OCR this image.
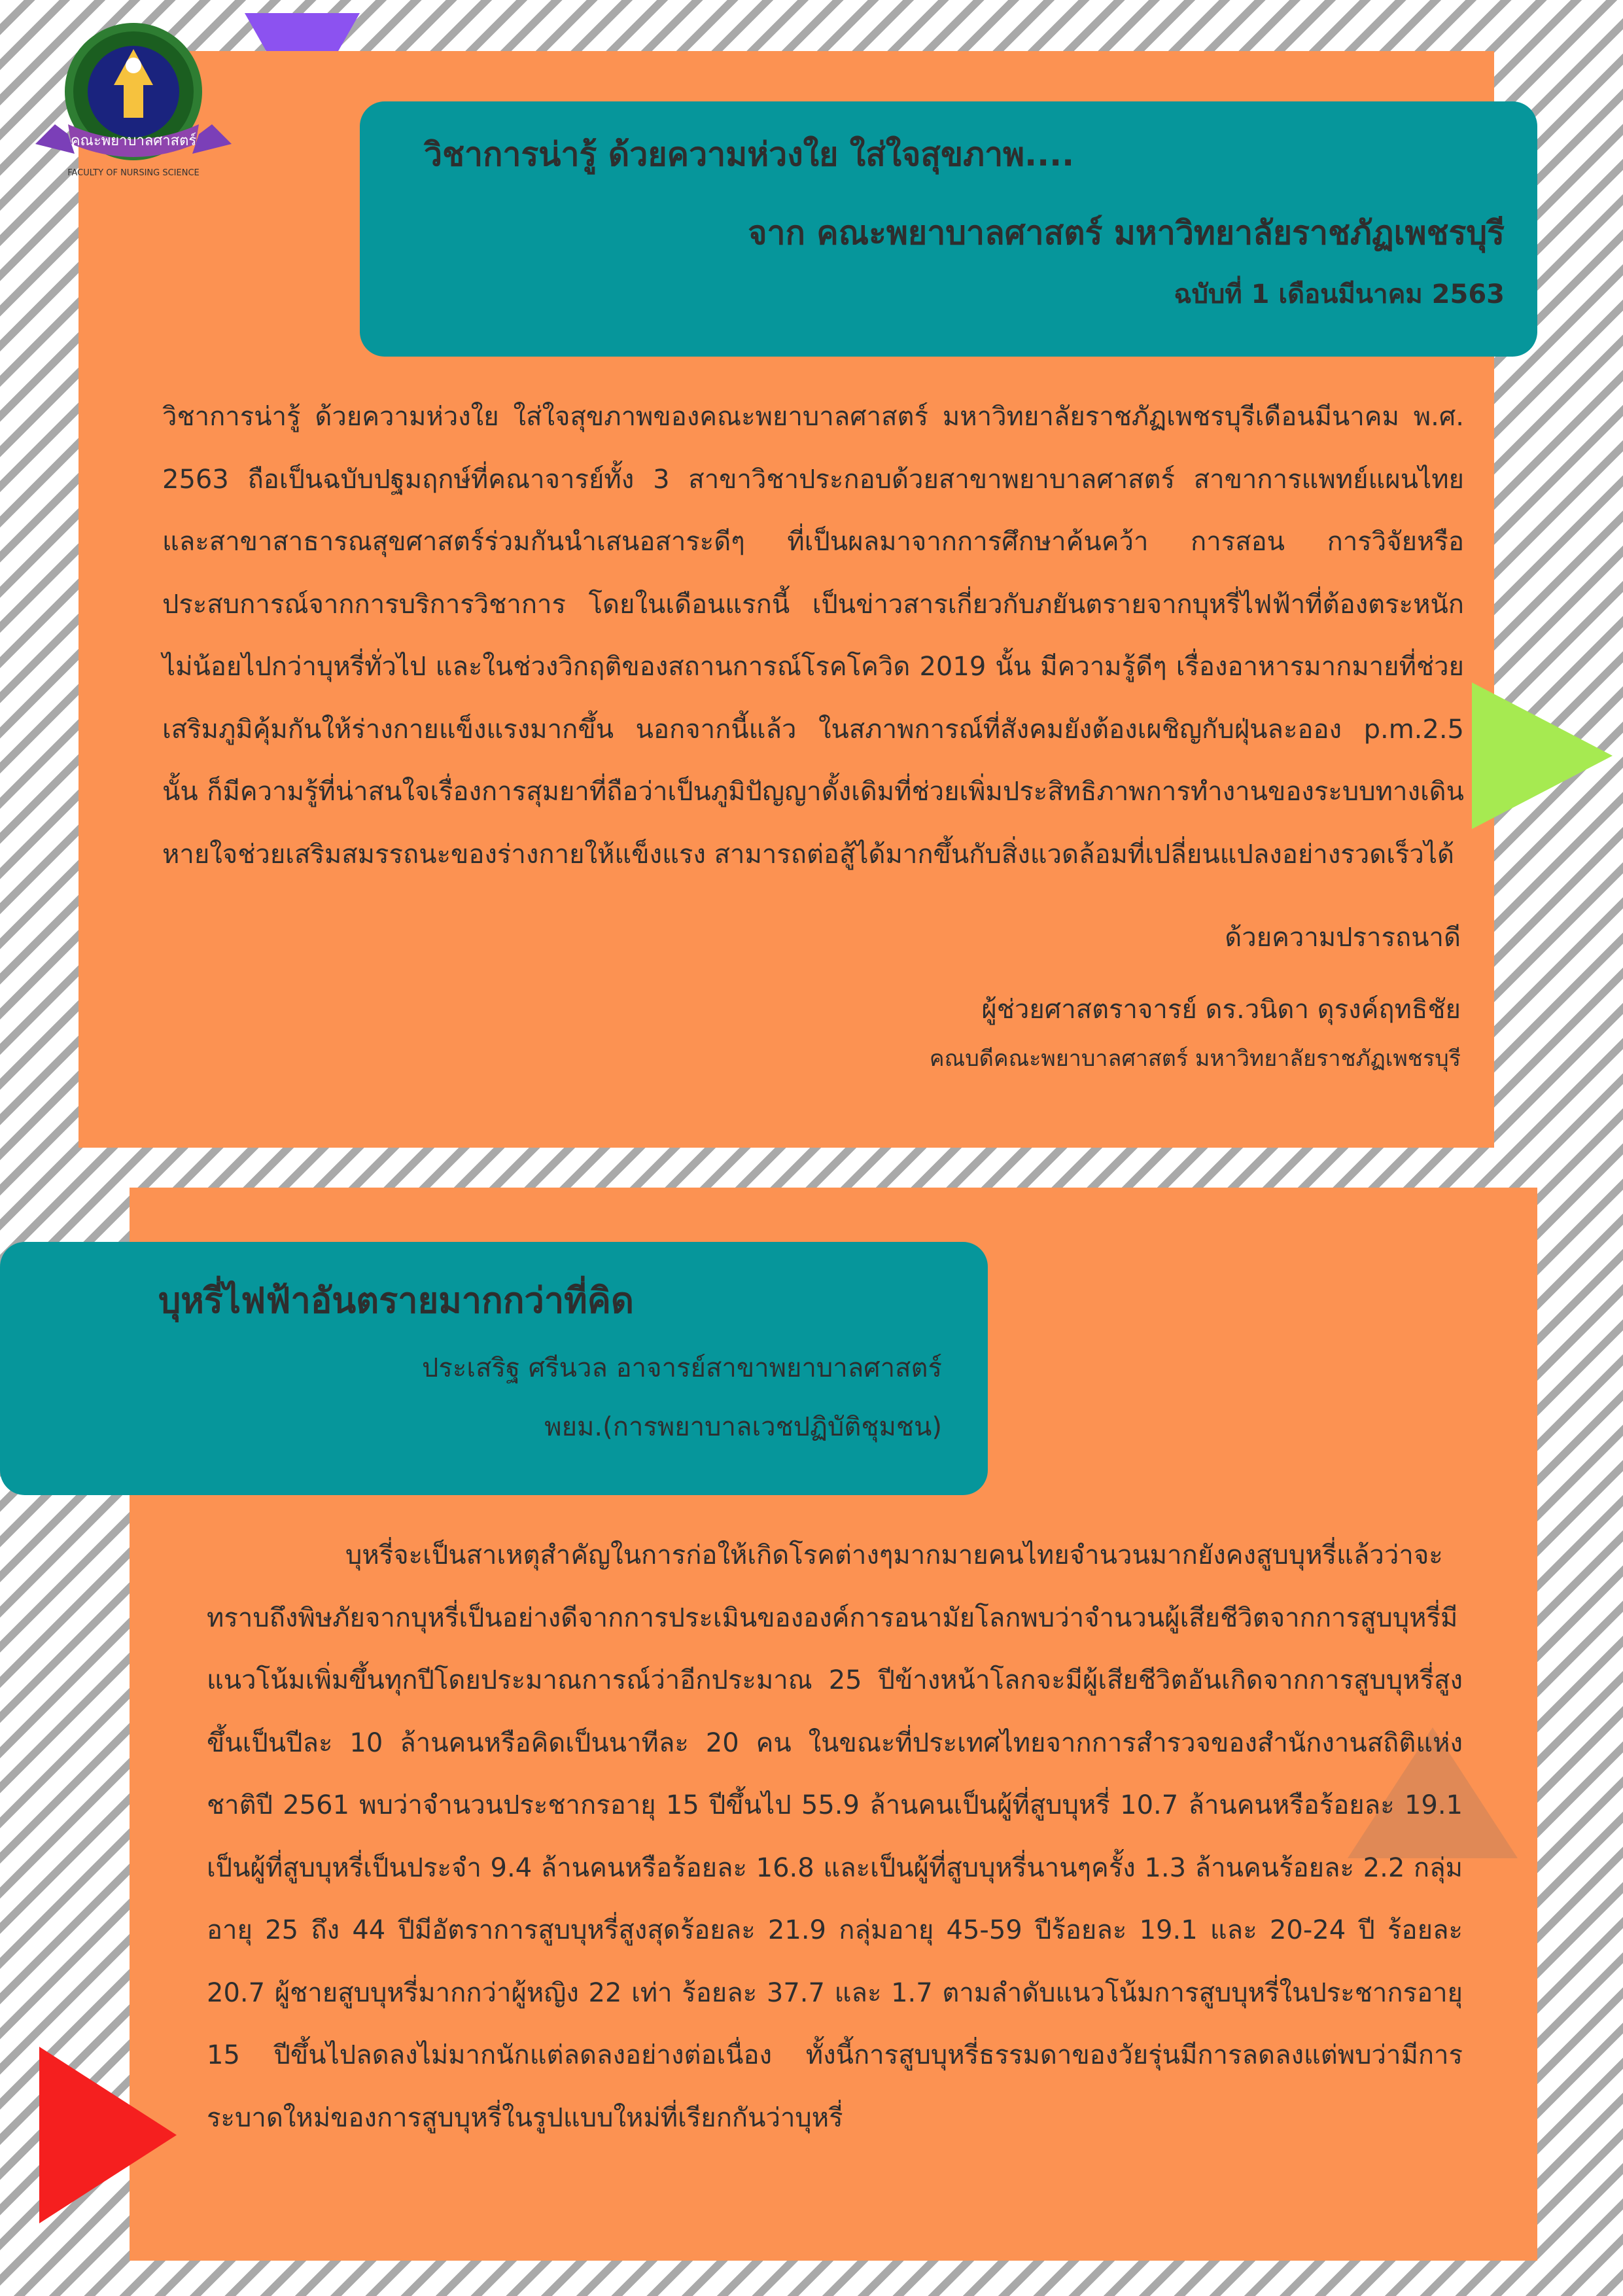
คณะพยาบาลศาสตร์
FACULTY OF NURSING SCIENCE	วิชาการน่ารู้ ด้วยความห่วงใย ใส่ใจสุขภาพ....
จาก คณะพยาบาลศาสตร์ มหาวิทยาลัยราชภัฏเพชรบุรี
ฉบับที่ 1 เดือนมีนาคม 2563
วิชาการน่ารู้ ด้วยความห่วงใย ใส่ใจสุขภาพของคณะพยาบาลศาสตร์ มหาวิทยาลัยราชภัฏเพชรบุรีเดือนมีนาคม พ.ศ. 2563 ถือเป็นฉบับปฐมฤกษ์ที่คณาจารย์ทั้ง 3 สาขาวิชาประกอบด้วยสาขาพยาบาลศาสตร์ สาขาการแพทย์แผนไทย และสาขาสาธารณสุขศาสตร์ร่วมกันนำเสนอสาระดีๆ ที่เป็นผลมาจากการศึกษาค้นคว้า การสอน การวิจัยหรือประสบการณ์จากการบริการวิชาการ โดยในเดือนแรกนี้ เป็นข่าวสารเกี่ยวกับภยันตรายจากบุหรี่ไฟฟ้าที่ต้องตระหนักไม่น้อยไปกว่าบุหรี่ทั่วไป และในช่วงวิกฤติของสถานการณ์โรคโควิด 2019 นั้น มีความรู้ดีๆ เรื่องอาหารมากมายที่ช่วยเสริมภูมิคุ้มกันให้ร่างกายแข็งแรงมากขึ้น นอกจากนี้แล้ว ในสภาพการณ์ที่สังคมยังต้องเผชิญกับฝุ่นละออง p.m.2.5 นั้น ก็มีความรู้ที่น่าสนใจเรื่องการสุมยาที่ถือว่าเป็นภูมิปัญญาดั้งเดิมที่ช่วยเพิ่มประสิทธิภาพการทำงานของระบบทางเดินหายใจช่วยเสริมสมรรถนะของร่างกายให้แข็งแรง สามารถต่อสู้ได้มากขึ้นกับสิ่งแวดล้อมที่เปลี่ยนแปลงอย่างรวดเร็วได้
ด้วยความปรารถนาดี
ผู้ช่วยศาสตราจารย์ ดร.วนิดา ดุรงค์ฤทธิชัย
คณบดีคณะพยาบาลศาสตร์ มหาวิทยาลัยราชภัฏเพชรบุรี
บุหรี่ไฟฟ้าอันตรายมากกว่าที่คิด
ประเสริฐ ศรีนวล อาจารย์สาขาพยาบาลศาสตร์
พยม.(การพยาบาลเวชปฏิบัติชุมชน)
บุหรี่จะเป็นสาเหตุสำคัญในการก่อให้เกิดโรคต่างๆมากมายคนไทยจำนวนมากยังคงสูบบุหรี่แล้วว่าจะทราบถึงพิษภัยจากบุหรี่เป็นอย่างดีจากการประเมินขององค์การอนามัยโลกพบว่าจำนวนผู้เสียชีวิตจากการสูบบุหรี่มีแนวโน้มเพิ่มขึ้นทุกปีโดยประมาณการณ์ว่าอีกประมาณ 25 ปีข้างหน้าโลกจะมีผู้เสียชีวิตอันเกิดจากการสูบบุหรี่สูงขึ้นเป็นปีละ 10 ล้านคนหรือคิดเป็นนาทีละ 20 คน ในขณะที่ประเทศไทยจากการสำรวจของสำนักงานสถิติแห่งชาติปี 2561 พบว่าจำนวนประชากรอายุ 15 ปีขึ้นไป 55.9 ล้านคนเป็นผู้ที่สูบบุหรี่ 10.7 ล้านคนหรือร้อยละ 19.1 เป็นผู้ที่สูบบุหรี่เป็นประจำ 9.4 ล้านคนหรือร้อยละ 16.8 และเป็นผู้ที่สูบบุหรี่นานๆครั้ง 1.3 ล้านคนร้อยละ 2.2 กลุ่มอายุ 25 ถึง 44 ปีมีอัตราการสูบบุหรี่สูงสุดร้อยละ 21.9 กลุ่มอายุ 45-59 ปีร้อยละ 19.1 และ 20-24 ปี ร้อยละ 20.7 ผู้ชายสูบบุหรี่มากกว่าผู้หญิง 22 เท่า ร้อยละ 37.7 และ 1.7 ตามลำดับแนวโน้มการสูบบุหรี่ในประชากรอายุ 15 ปีขึ้นไปลดลงไม่มากนักแต่ลดลงอย่างต่อเนื่อง ทั้งนี้การสูบบุหรี่ธรรมดาของวัยรุ่นมีการลดลงแต่พบว่ามีการระบาดใหม่ของการสูบบุหรี่ในรูปแบบใหม่ที่เรียกกันว่าบุหรี่
